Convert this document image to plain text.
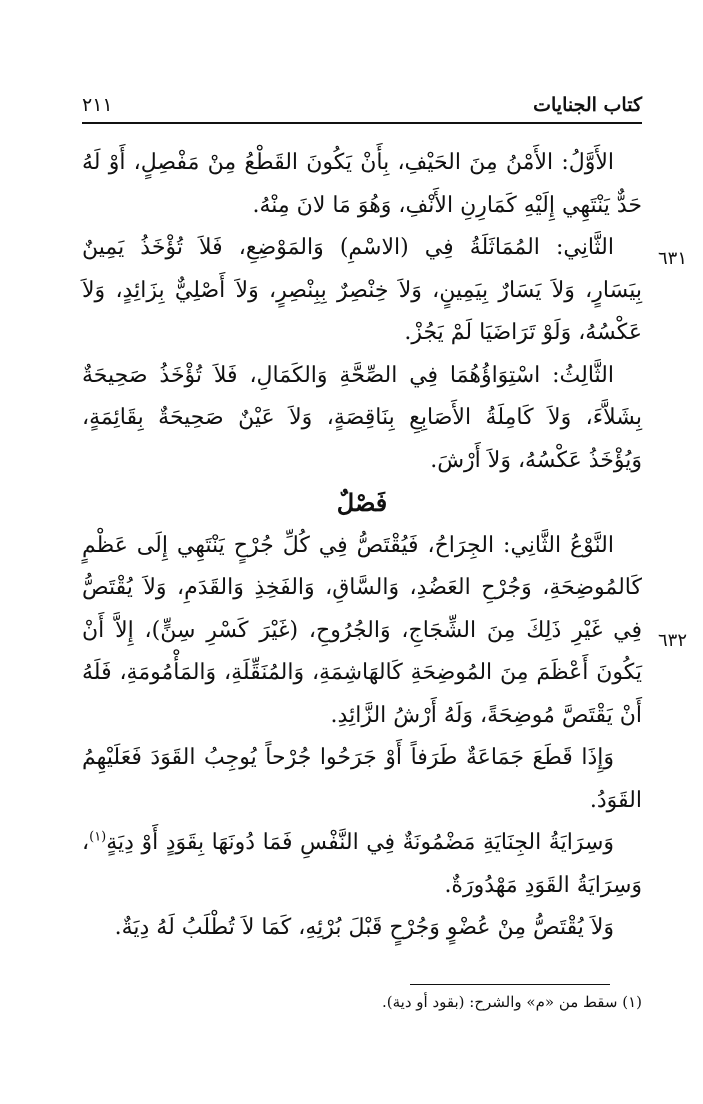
كتاب الجنايات
٢١١
٦٣١
٦٣٢

الأَوَّلُ: الأَمْنُ مِنَ الحَيْفِ، بِأَنْ يَكُونَ القَطْعُ مِنْ مَفْصِلٍ، أَوْ لَهُ حَدٌّ يَنْتَهِي إِلَيْهِ كَمَارِنِ الأَنْفِ، وَهُوَ مَا لانَ مِنْهُ.

الثَّانِي: المُمَاثَلَةُ فِي (الاسْمِ) وَالمَوْضِعِ، فَلاَ تُؤْخَذُ يَمِينٌ بِيَسَارٍ، وَلاَ يَسَارٌ بِيَمِينٍ، وَلاَ خِنْصِرٌ بِبِنْصِرٍ، وَلاَ أَصْلِيٌّ بِزَائِدٍ، وَلاَ عَكْسُهُ، وَلَوْ تَرَاضَيَا لَمْ يَجُزْ.

الثَّالِثُ: اسْتِوَاؤُهُمَا فِي الصِّحَّةِ وَالكَمَالِ، فَلاَ تُؤْخَذُ صَحِيحَةٌ بِشَلاَّءَ، وَلاَ كَامِلَةُ الأَصَابِعِ بِنَاقِصَةٍ، وَلاَ عَيْنٌ صَحِيحَةٌ بِقَائِمَةٍ، وَيُؤْخَذُ عَكْسُهُ، وَلاَ أَرْشَ.

فَصْلٌ

النَّوْعُ الثَّانِي: الجِرَاحُ، فَيُقْتَصُّ فِي كُلِّ جُرْحٍ يَنْتَهِي إِلَى عَظْمٍ كَالمُوضِحَةِ، وَجُرْحِ العَضُدِ، وَالسَّاقِ، وَالفَخِذِ وَالقَدَمِ، وَلاَ يُقْتَصُّ فِي غَيْرِ ذَلِكَ مِنَ الشِّجَاجِ، وَالجُرُوحِ، (غَيْرَ كَسْرِ سِنٍّ)، إِلاَّ أَنْ يَكُونَ أَعْظَمَ مِنَ المُوضِحَةِ كَالهَاشِمَةِ، وَالمُنَقِّلَةِ، وَالمَأْمُومَةِ، فَلَهُ أَنْ يَقْتَصَّ مُوضِحَةً، وَلَهُ أَرْشُ الزَّائِدِ.

وَإِذَا قَطَعَ جَمَاعَةٌ طَرَفاً أَوْ جَرَحُوا جُرْحاً يُوجِبُ القَوَدَ فَعَلَيْهِمُ القَوَدُ.

وَسِرَايَةُ الجِنَايَةِ مَضْمُونَةٌ فِي النَّفْسِ فَمَا دُونَهَا بِقَوَدٍ أَوْ دِيَةٍ$^{(١)}$، وَسِرَايَةُ القَوَدِ مَهْدُورَةٌ.

وَلاَ يُقْتَصُّ مِنْ عُضْوٍ وَجُرْحٍ قَبْلَ بُرْئِهِ، كَمَا لاَ تُطْلَبُ لَهُ دِيَةٌ.

(١) سقط من «م» والشرح: (بقود أو دية).
